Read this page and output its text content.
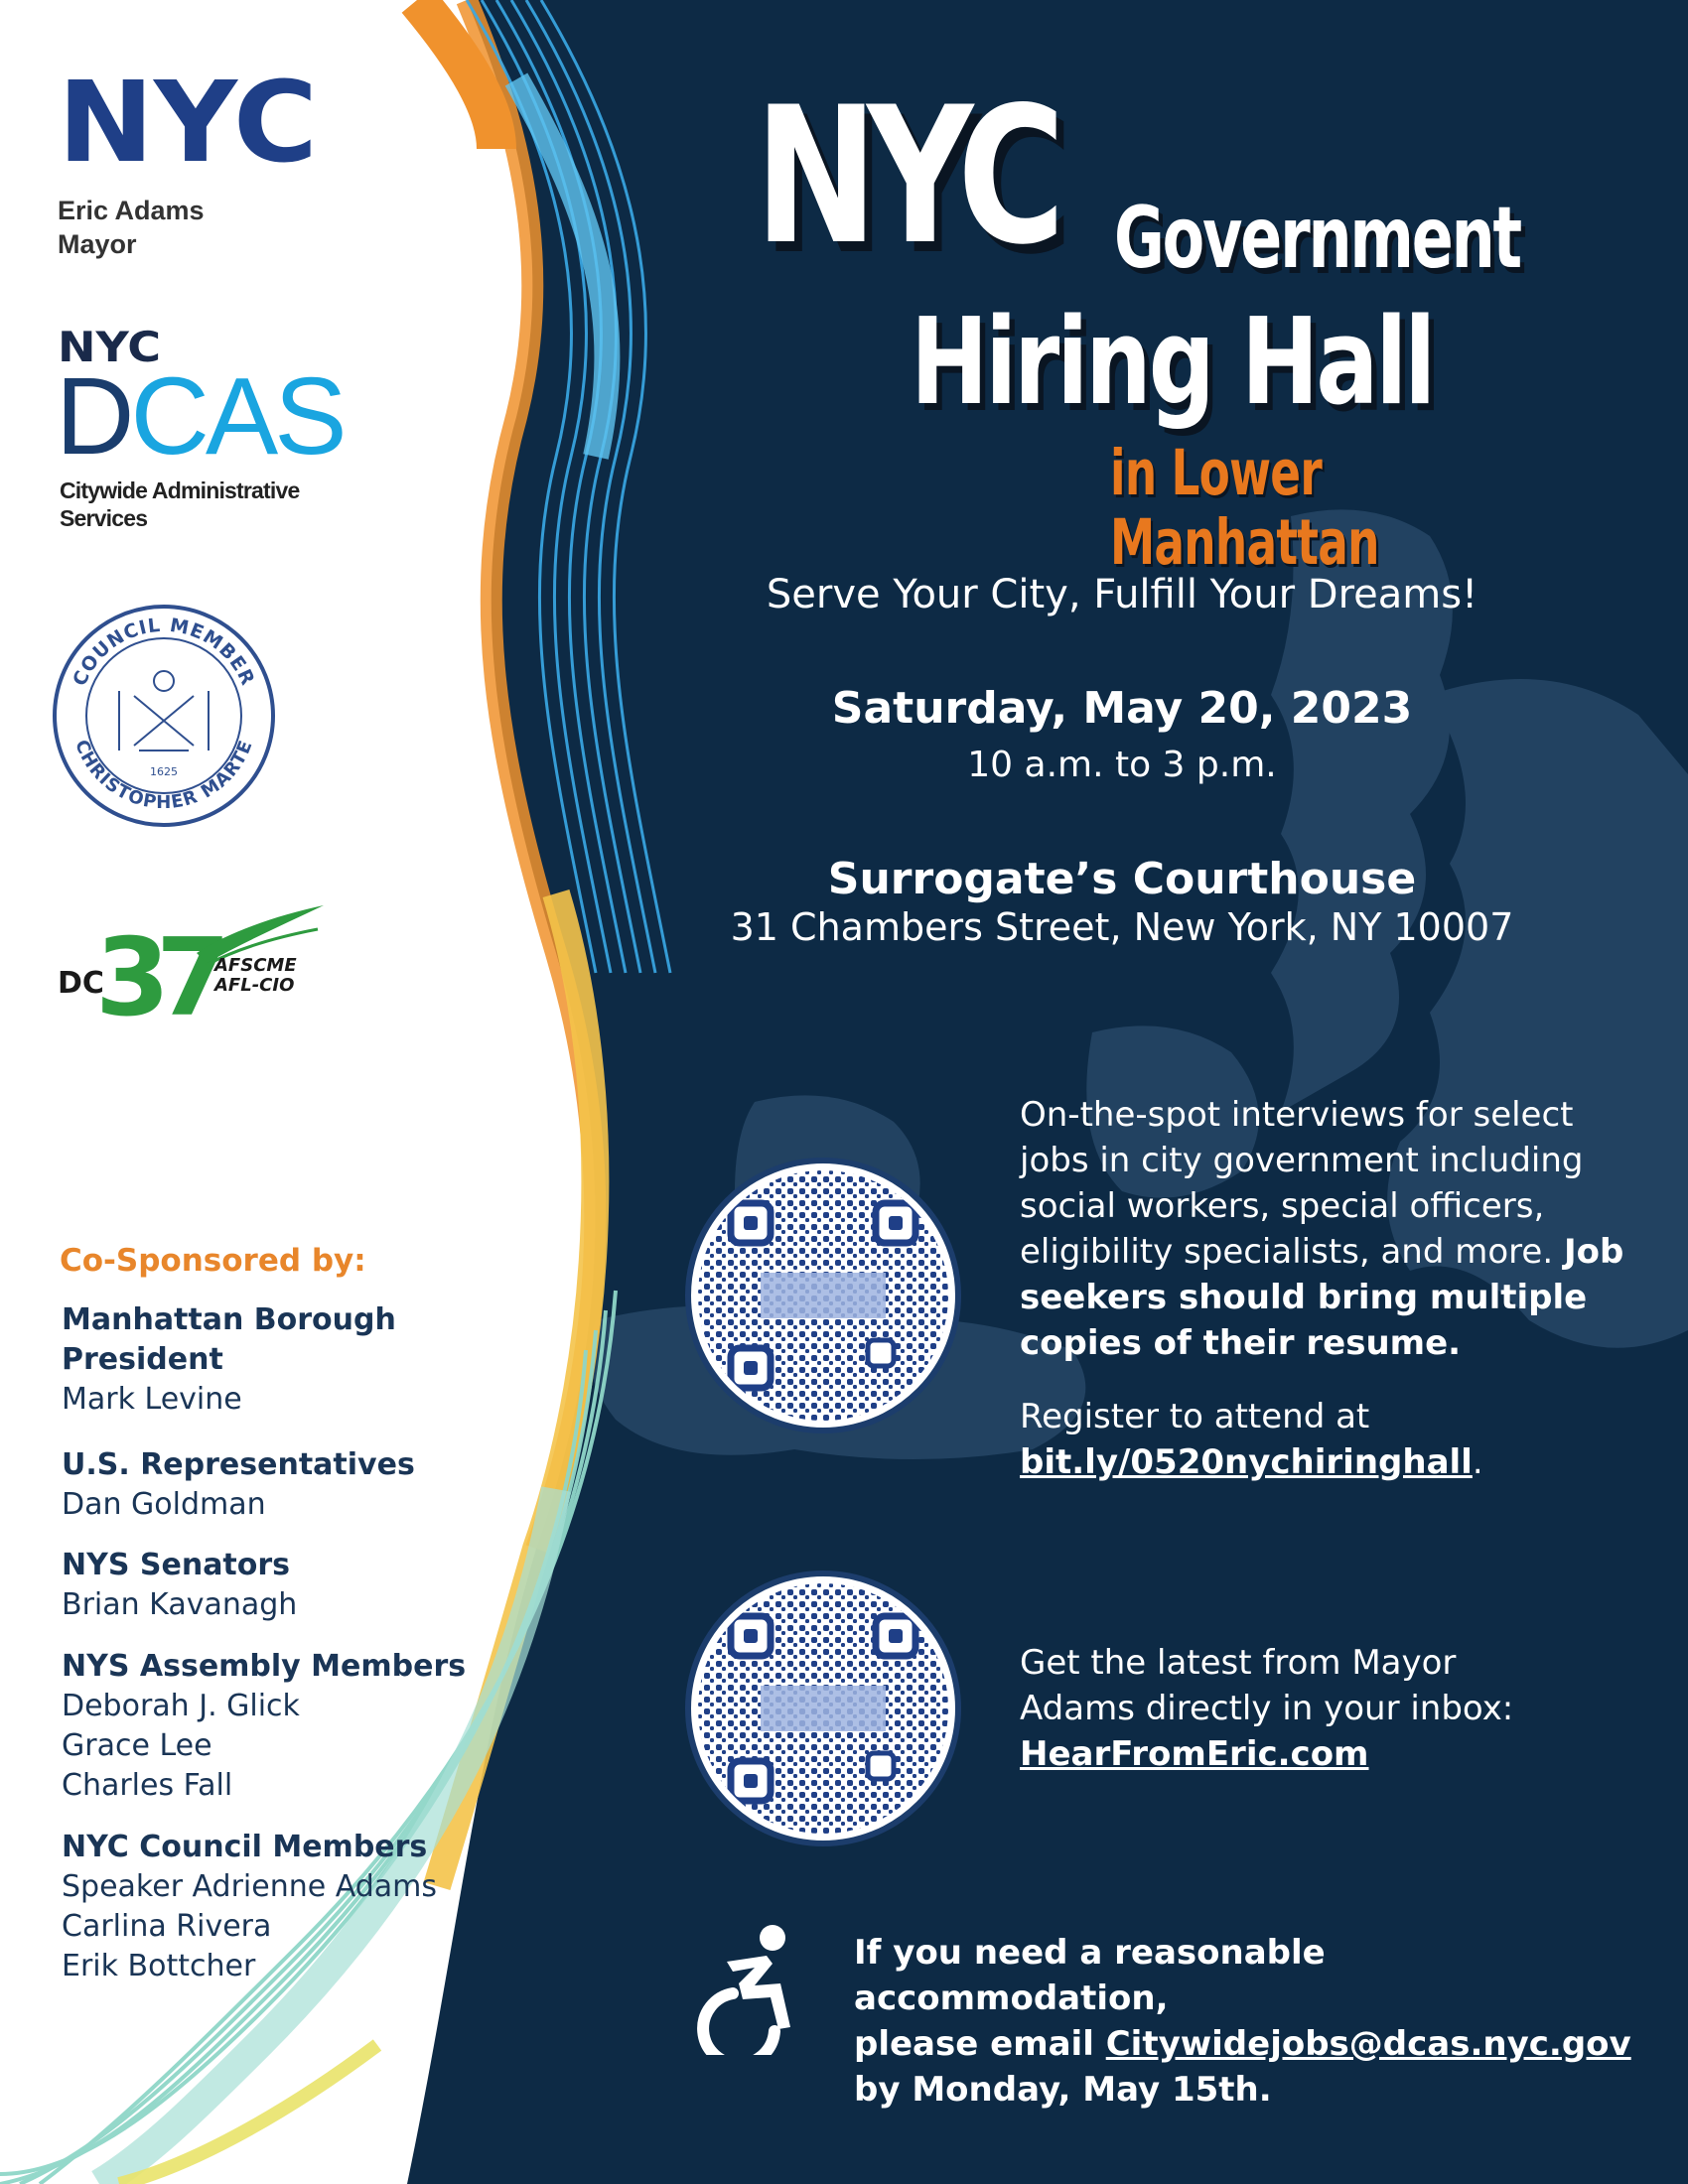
NYC
Eric Adams
Mayor
NYC
DCAS
Citywide Administrative
Services
COUNCIL MEMBER
CHRISTOPHER MARTE
1625
DC
37
AFSCME
AFL-CIO
Co-Sponsored by:
Manhattan Borough President
Mark Levine
U.S. Representatives
Dan Goldman
NYS Senators
Brian Kavanagh
NYS Assembly Members
Deborah J. Glick
Grace Lee
Charles Fall
NYC Council Members
Speaker Adrienne Adams
Carlina Rivera
Erik Bottcher
NYC Government
Hiring Hall
in Lower Manhattan
Serve Your City, Fulfill Your Dreams!
Saturday, May 20, 2023
10 a.m. to 3 p.m.
Surrogate’s Courthouse
31 Chambers Street, New York, NY 10007
On-the-spot interviews for select jobs in city government including social workers, special officers, eligibility specialists, and more. Job seekers should bring multiple copies of their resume.
Register to attend at
bit.ly/0520nychiringhall.
Get the latest from Mayor Adams directly in your inbox:
HearFromEric.com
If you need a reasonable accommodation,
please email Citywidejobs@dcas.nyc.gov
by Monday, May 15th.
